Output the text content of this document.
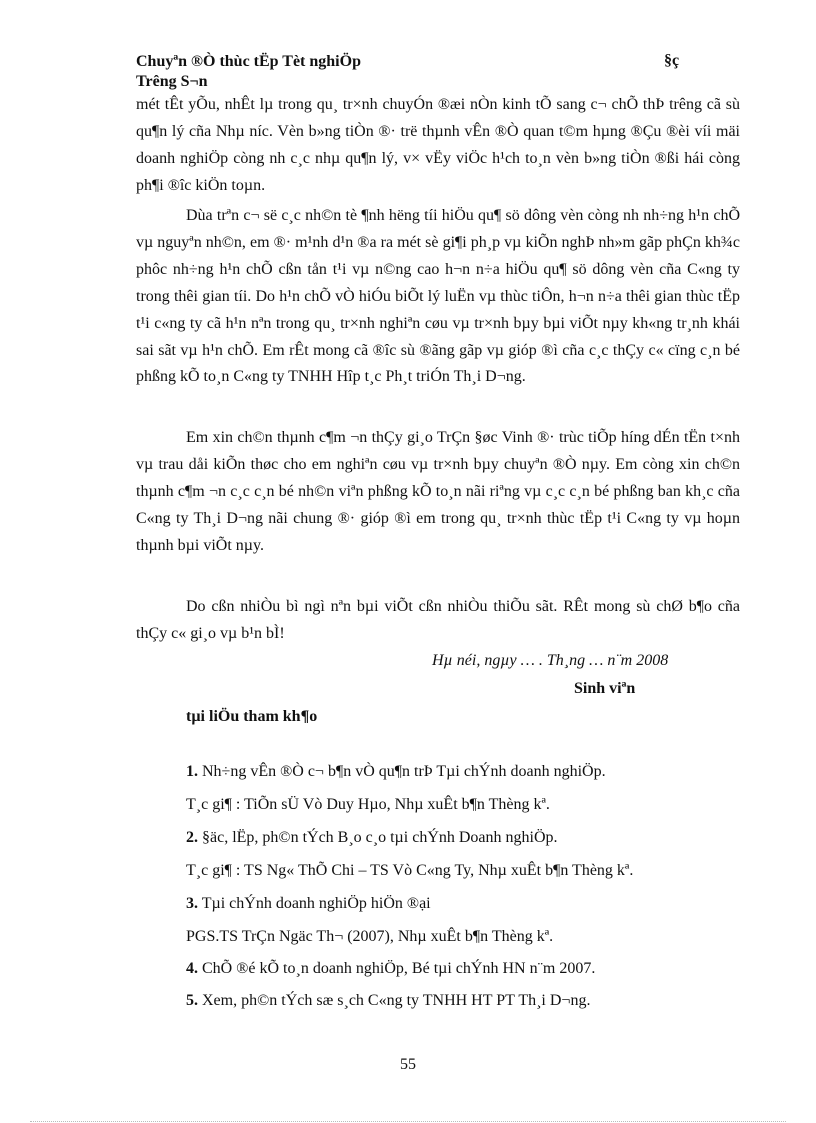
Chuyªn ®Ò thùc tËp Tèt nghiÖp	§ç
Trêng S¬n

mét tÊt yÕu, nhÊt lµ trong qu¸ tr×nh chuyÓn ®æi nÒn kinh tÕ sang c¬ chÕ thÞ trêng cã sù qu¶n lý cña Nhµ níc. Vèn b»ng tiÒn ®· trë thµnh vÊn ®Ò quan t©m hµng ®Çu ®èi víi mäi doanh nghiÖp còng nh c¸c nhµ qu¶n lý, v× vËy viÖc h¹ch to¸n vèn b»ng tiÒn ®ßi hái còng ph¶i ®îc kiÖn toµn.

Dùa trªn c¬ së c¸c nh©n tè ¶nh hëng tíi hiÖu qu¶ sö dông vèn còng nh nh÷ng h¹n chÕ vµ nguyªn nh©n, em ®· m¹nh d¹n ®a ra mét sè gi¶i ph¸p vµ kiÕn nghÞ nh»m gãp phÇn kh¾c phôc nh÷ng h¹n chÕ cßn tån t¹i vµ n©ng cao h¬n n÷a hiÖu qu¶ sö dông vèn cña C«ng ty trong thêi gian tíi. Do h¹n chÕ vÒ hiÓu biÕt lý luËn vµ thùc tiÔn, h¬n n÷a thêi gian thùc tËp t¹i c«ng ty cã h¹n nªn trong qu¸ tr×nh nghiªn cøu vµ tr×nh bµy bµi viÕt nµy kh«ng tr¸nh khái sai sãt vµ h¹n chÕ. Em rÊt mong cã ®îc sù ®ãng gãp vµ gióp ®ì cña c¸c thÇy c« cïng c¸n bé phßng kÕ to¸n C«ng ty TNHH Hîp t¸c Ph¸t triÓn Th¸i D¬ng.

Em xin ch©n thµnh c¶m ¬n thÇy gi¸o TrÇn §øc Vinh ®· trùc tiÕp híng dÉn tËn t×nh vµ trau dåi kiÕn thøc cho em nghiªn cøu vµ tr×nh bµy chuyªn ®Ò nµy. Em còng xin ch©n thµnh c¶m ¬n c¸c c¸n bé nh©n viªn phßng kÕ to¸n nãi riªng vµ c¸c c¸n bé phßng ban kh¸c cña C«ng ty Th¸i D¬ng nãi chung ®· gióp ®ì em trong qu¸ tr×nh thùc tËp t¹i C«ng ty vµ hoµn thµnh bµi viÕt nµy.

Do cßn nhiÒu bì ngì nªn bµi viÕt cßn nhiÒu thiÕu sãt. RÊt mong sù chØ b¶o cña thÇy c« gi¸o vµ b¹n bÌ!

Hµ néi, ngµy … . Th¸ng … n¨m 2008
Sinh viªn
tµi liÖu tham kh¶o
1. Nh÷ng vÊn ®Ò c¬ b¶n vÒ qu¶n trÞ Tµi chÝnh doanh nghiÖp.
T¸c gi¶ : TiÕn sÜ Vò Duy Hµo, Nhµ xuÊt b¶n Thèng kª.
2. §äc, lËp, ph©n tÝch B¸o c¸o tµi chÝnh Doanh nghiÖp.
T¸c gi¶ : TS Ng« ThÕ Chi – TS Vò C«ng Ty, Nhµ xuÊt b¶n Thèng kª.
3. Tµi chÝnh doanh nghiÖp hiÖn ®ại
PGS.TS TrÇn Ngäc Th¬ (2007), Nhµ xuÊt b¶n Thèng kª.
4. ChÕ ®é kÕ to¸n doanh nghiÖp, Bé tµi chÝnh HN n¨m 2007.
5. Xem, ph©n tÝch sæ s¸ch C«ng ty TNHH HT PT Th¸i D¬ng.
55
